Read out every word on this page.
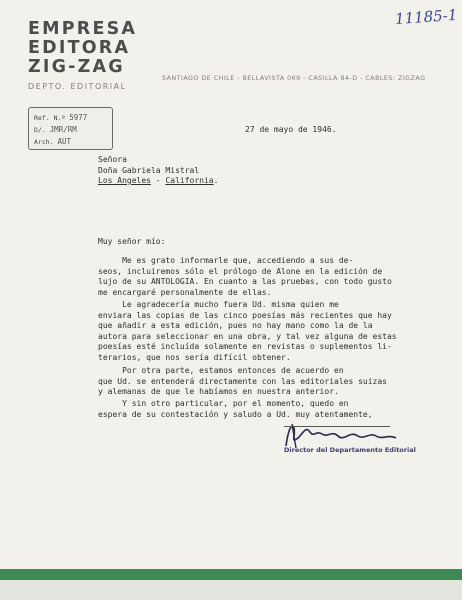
11185-1
EMPRESA
EDITORA
ZIG-ZAG
DEPTO. EDITORIAL
SANTIAGO DE CHILE - BELLAVISTA 069 - CASILLA 84-D - CABLES: ZIGZAG
Ref. N.º 5977
D/. JMR/RM
Arch. AUT
27 de mayo de 1946.
Señora
Doña Gabriela Mistral
Los Angeles - California.
Muy señor mío:
Me es grato informarle que, accediendo a sus de-
seos, incluiremos sólo el prólogo de Alone en la edición de
lujo de su ANTOLOGIA. En cuanto a las pruebas, con todo gusto
me encargaré personalmente de ellas.
Le agradecería mucho fuera Ud. misma quien me
enviara las copias de las cinco poesías más recientes que hay
que añadir a esta edición, pues no hay mano como la de la
autora para seleccionar en una obra, y tal vez alguna de estas
poesías esté incluída solamente en revistas o suplementos li-
terarios, que nos sería difícil obtener.
Por otra parte, estamos entonces de acuerdo en
que Ud. se entenderá directamente con las editoriales suizas
y alemanas de que le habíamos en nuestra anterior.
Y sin otro particular, por el momento, quedo en
espera de su contestación y saludo a Ud. muy atentamente,
Director del Departamento Editorial
